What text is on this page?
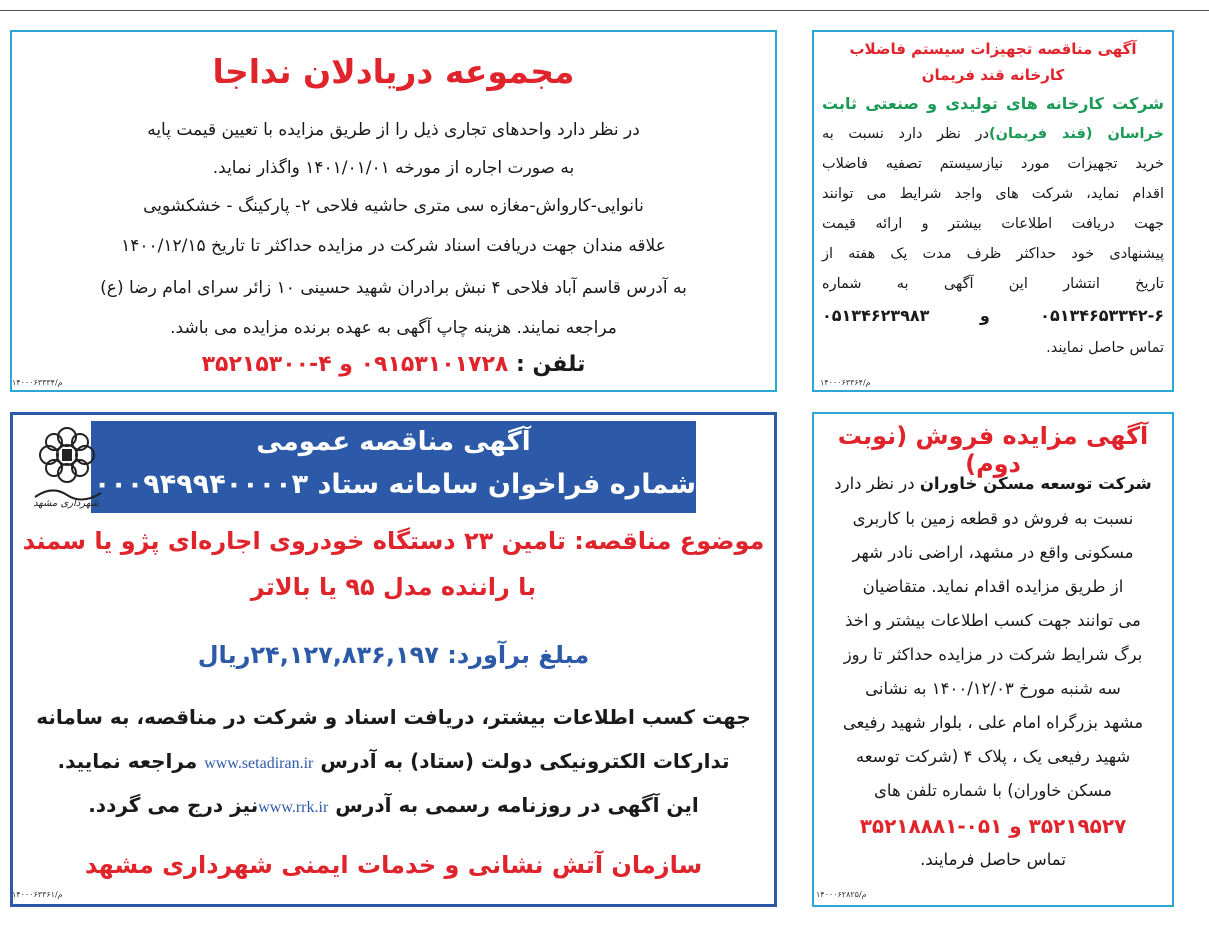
مجموعه دریادلان نداجا
در نظر دارد واحدهای تجاری ذیل را از طریق مزایده با تعیین قیمت پایه
به صورت اجاره از مورخه ۱۴۰۱/۰۱/۰۱ واگذار نماید.
نانوایی-کارواش-مغازه سی متری حاشیه فلاحی ۲- پارکینگ - خشکشویی
علاقه مندان جهت دریافت اسناد شرکت در مزایده حداکثر تا تاریخ ۱۴۰۰/۱۲/۱۵
به آدرس قاسم آباد فلاحی ۴ نبش برادران شهید حسینی ۱۰ زائر سرای امام رضا (ع)
مراجعه نمایند. هزینه چاپ آگهی به عهده برنده مزایده می باشد.
تلفن : ۰۹۱۵۳۱۰۱۷۲۸ و ۴-۳۵۲۱۵۳۰۰
م/۱۴۰۰۰۶۳۳۳۴
آگهی مناقصه تجهیزات سیستم فاضلاب
کارخانه قند فریمان
شرکت کارخانه های تولیدی و صنعتی ثابت
خراسان (قند فریمان)در نظر دارد نسبت به
خرید تجهیزات مورد نیازسیستم تصفیه فاضلاب
اقدام نماید، شرکت های واجد شرایط می توانند
جهت دریافت اطلاعات بیشتر و ارائه قیمت
پیشنهادی خود حداکثر ظرف مدت یک هفته از
تاریخ انتشار این آگهی به شماره
۰۵۱۳۴۶۵۳۳۴۲-۶ و ۰۵۱۳۴۶۲۳۹۸۳
تماس حاصل نمایند.
م/۱۴۰۰۰۶۳۳۶۴
آگهی مناقصه عمومی
شماره فراخوان سامانه ستاد ۲۰۰۰۰۹۴۹۹۴۰۰۰۰۳
موضوع مناقصه: تامین ۲۳ دستگاه خودروی اجاره‌ای پژو یا سمند
با راننده مدل ۹۵ یا بالاتر
مبلغ برآورد: ۲۴,۱۲۷,۸۳۶,۱۹۷ریال
جهت کسب اطلاعات بیشتر، دریافت اسناد و شرکت در مناقصه، به سامانه
تدارکات الکترونیکی دولت (ستاد) به آدرس www.setadiran.ir مراجعه نمایید.
این آگهی در روزنامه رسمی به آدرس www.rrk.irنیز درج می گردد.
سازمان آتش نشانی و خدمات ایمنی شهرداری مشهد
م/۱۴۰۰۰۶۳۳۶۱
آگهی مزایده فروش (نوبت دوم)
شرکت توسعه مسکن خاوران در نظر دارد
نسبت به فروش دو قطعه زمین با کاربری
مسکونی واقع در مشهد، اراضی نادر شهر
از طریق مزایده اقدام نماید. متقاضیان
می توانند جهت کسب اطلاعات بیشتر و اخذ
برگ شرایط شرکت در مزایده حداکثر تا روز
سه شنبه مورخ ۱۴۰۰/۱۲/۰۳ به نشانی
مشهد بزرگراه امام علی ، بلوار شهید رفیعی
شهید رفیعی یک ، پلاک ۴ (شرکت توسعه
مسکن خاوران) با شماره تلفن های
۳۵۲۱۹۵۲۷ و ۰۵۱-۳۵۲۱۸۸۸۱
تماس حاصل فرمایند.
م/۱۴۰۰۰۶۲۸۲۵
شهرداری مشهد
